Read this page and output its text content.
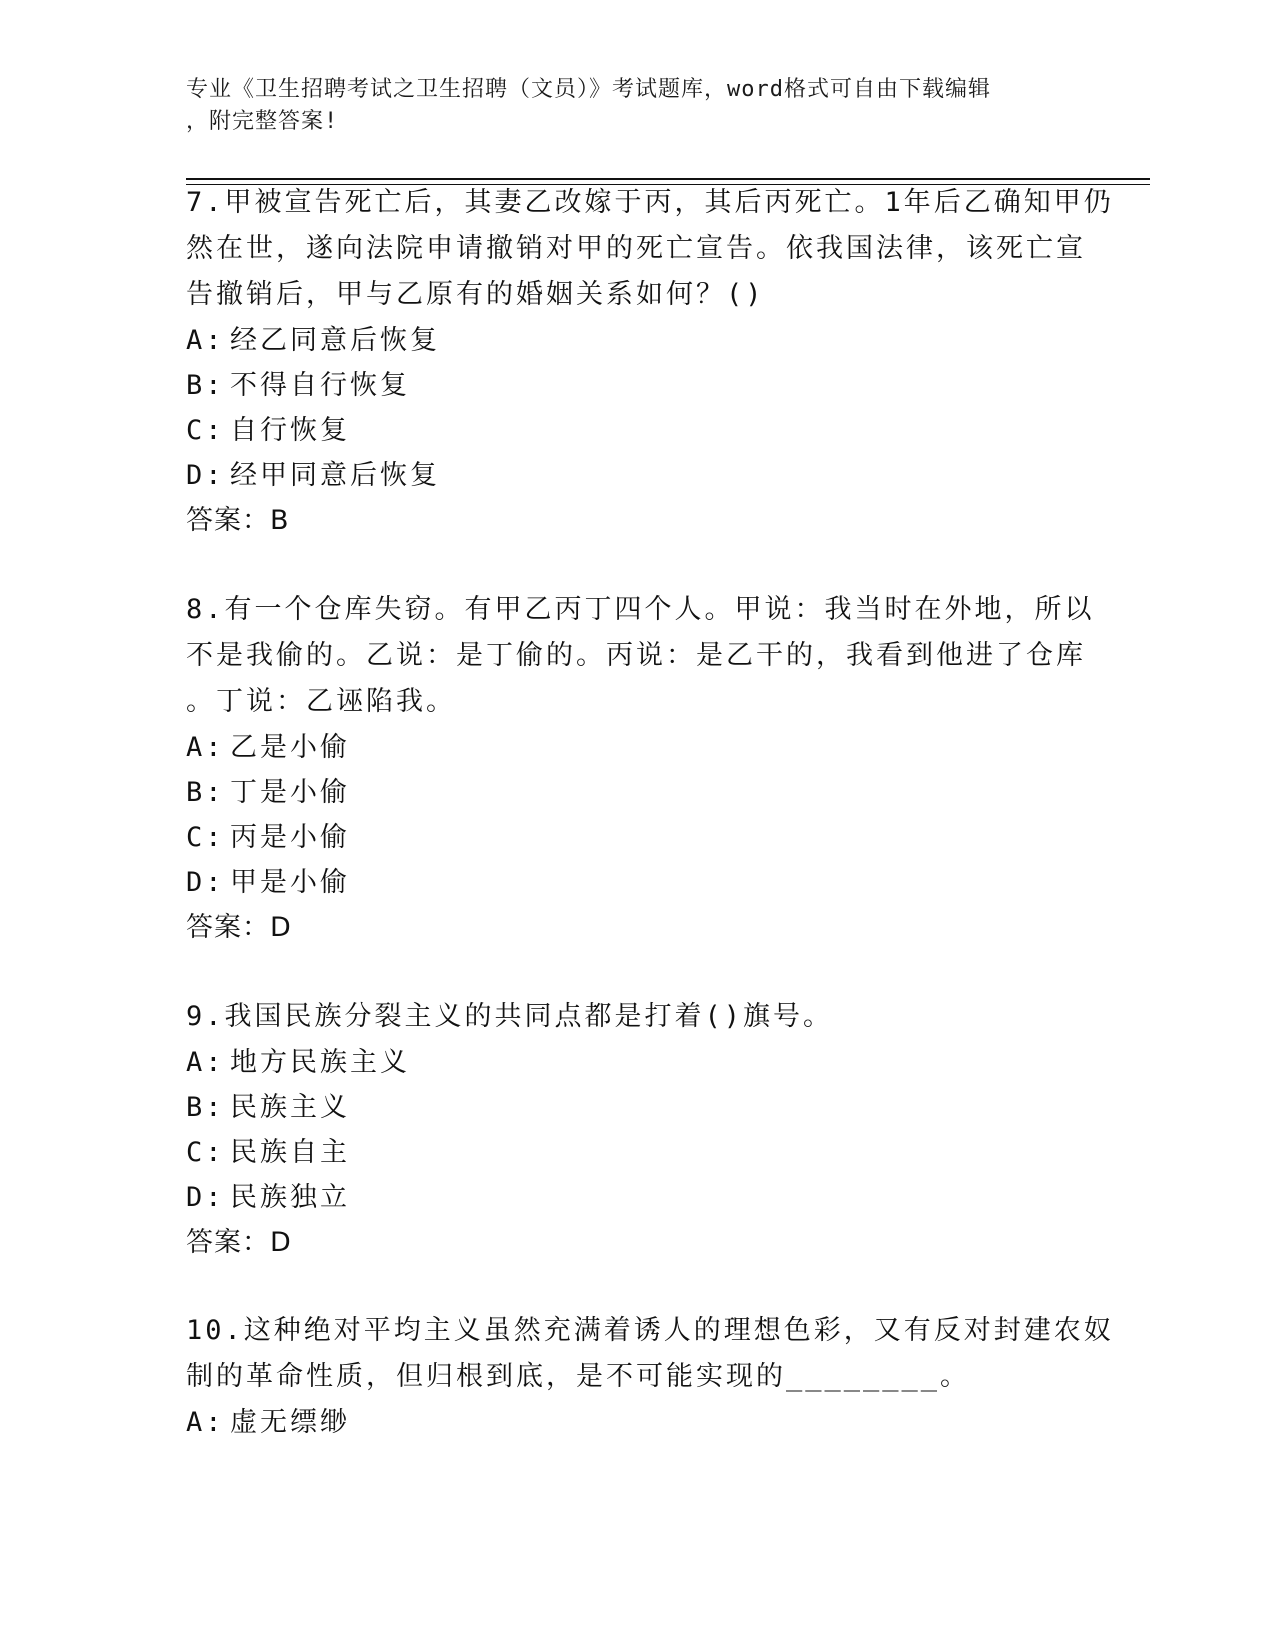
专业《卫生招聘考试之卫生招聘（文员）》考试题库，word格式可自由下载编辑
，附完整答案!
7.甲被宣告死亡后，其妻乙改嫁于丙，其后丙死亡。1年后乙确知甲仍
然在世，遂向法院申请撤销对甲的死亡宣告。依我国法律，该死亡宣
告撤销后，甲与乙原有的婚姻关系如何？()
A: 经乙同意后恢复
B: 不得自行恢复
C: 自行恢复
D: 经甲同意后恢复
答案：B
8.有一个仓库失窃。有甲乙丙丁四个人。甲说：我当时在外地，所以
不是我偷的。乙说：是丁偷的。丙说：是乙干的，我看到他进了仓库
。丁说：乙诬陷我。
A: 乙是小偷
B: 丁是小偷
C: 丙是小偷
D: 甲是小偷
答案：D
9.我国民族分裂主义的共同点都是打着()旗号。
A: 地方民族主义
B: 民族主义
C: 民族自主
D: 民族独立
答案：D
10.这种绝对平均主义虽然充满着诱人的理想色彩，又有反对封建农奴
制的革命性质，但归根到底，是不可能实现的________。
A: 虚无缥缈
